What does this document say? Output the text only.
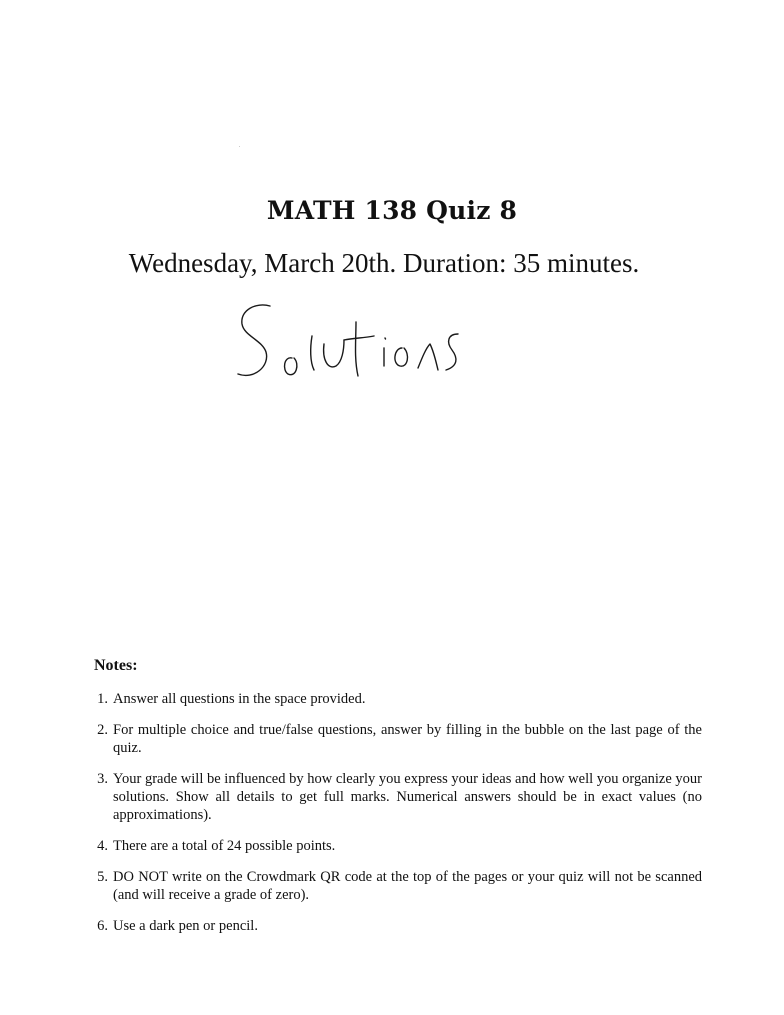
MATH 138 Quiz 8

Wednesday, March 20th. Duration: 35 minutes.

Notes:
1. Answer all questions in the space provided.
2. For multiple choice and true/false questions, answer by filling in the bubble on the last page of the quiz.
3. Your grade will be influenced by how clearly you express your ideas and how well you organize your solutions. Show all details to get full marks. Numerical answers should be in exact values (no approximations).
4. There are a total of 24 possible points.
5. DO NOT write on the Crowdmark QR code at the top of the pages or your quiz will not be scanned (and will receive a grade of zero).
6. Use a dark pen or pencil.
